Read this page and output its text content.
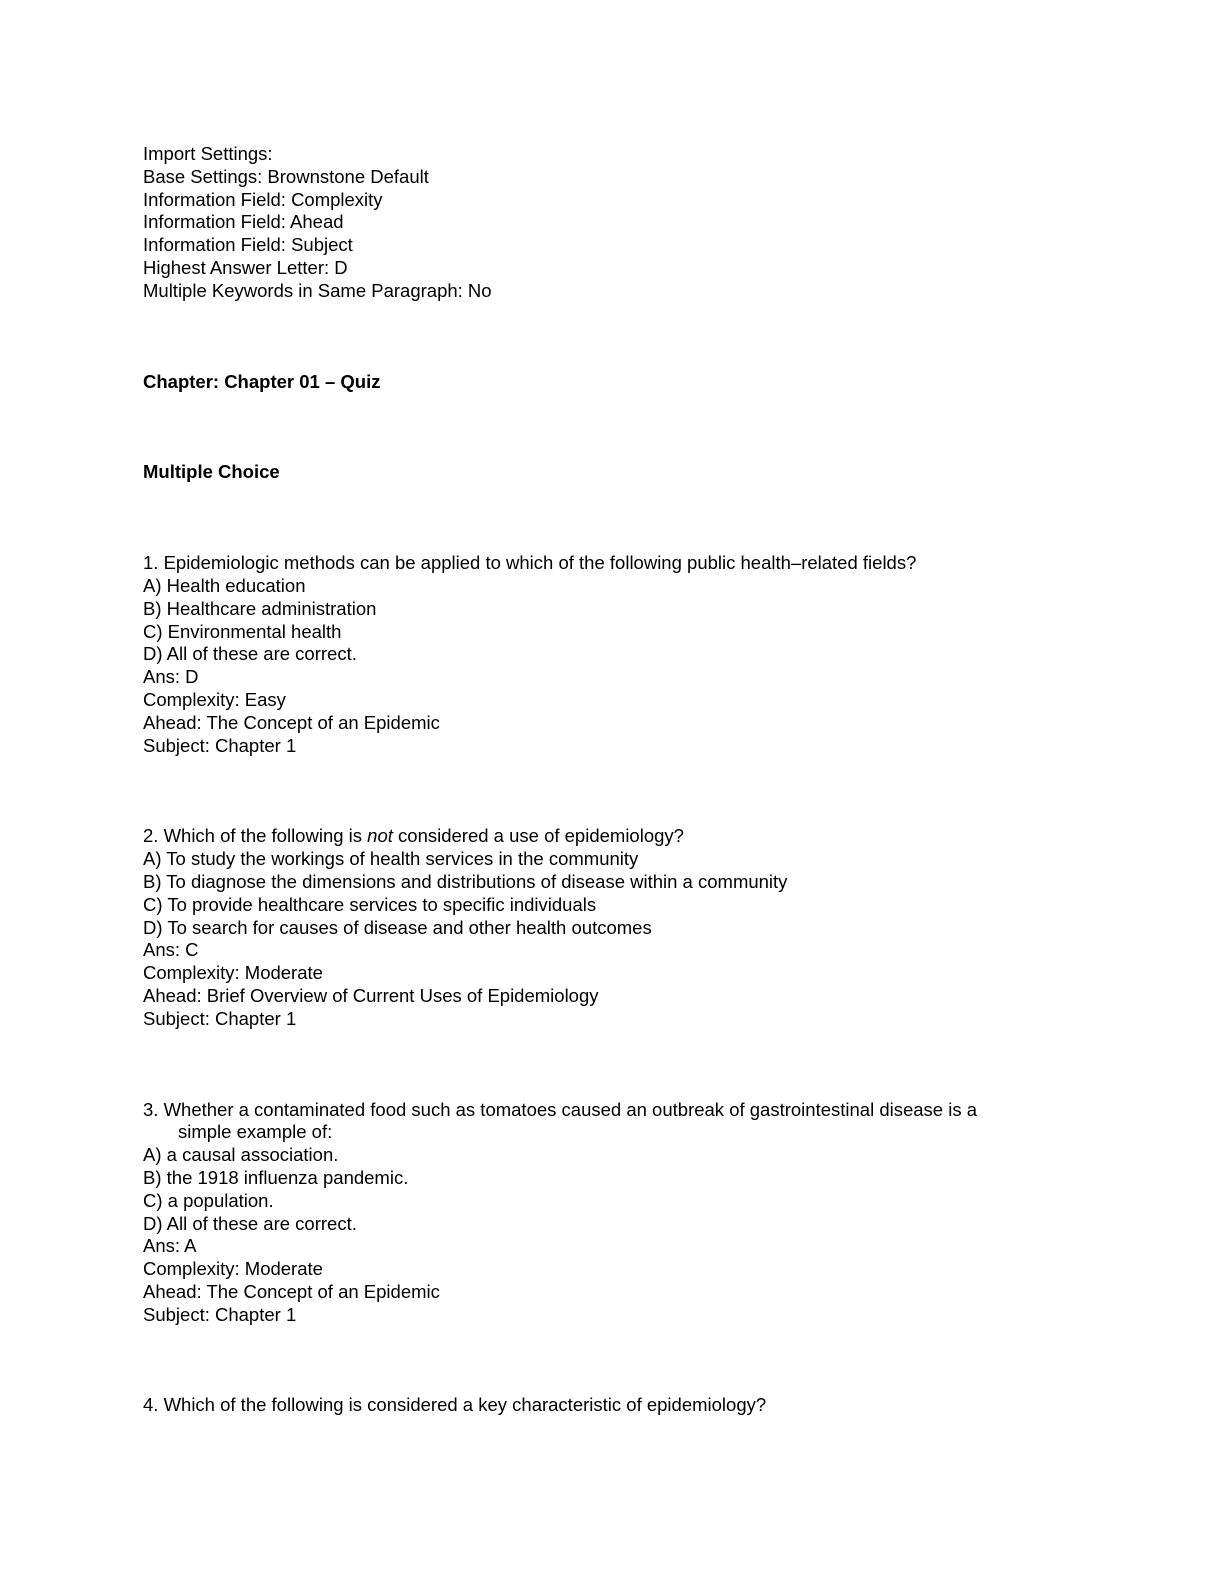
Import Settings:

Base Settings: Brownstone Default

Information Field: Complexity

Information Field: Ahead

Information Field: Subject

Highest Answer Letter: D

Multiple Keywords in Same Paragraph: No

Chapter: Chapter 01 – Quiz

Multiple Choice

1. Epidemiologic methods can be applied to which of the following public health–related fields?

A) Health education

B) Healthcare administration

C) Environmental health

D) All of these are correct.

Ans: D

Complexity: Easy

Ahead: The Concept of an Epidemic

Subject: Chapter 1

2. Which of the following is not considered a use of epidemiology?

A) To study the workings of health services in the community

B) To diagnose the dimensions and distributions of disease within a community

C) To provide healthcare services to specific individuals

D) To search for causes of disease and other health outcomes

Ans: C

Complexity: Moderate

Ahead: Brief Overview of Current Uses of Epidemiology

Subject: Chapter 1

3. Whether a contaminated food such as tomatoes caused an outbreak of gastrointestinal disease is a

simple example of:

A) a causal association.

B) the 1918 influenza pandemic.

C) a population.

D) All of these are correct.

Ans: A

Complexity: Moderate

Ahead: The Concept of an Epidemic

Subject: Chapter 1

4. Which of the following is considered a key characteristic of epidemiology?
